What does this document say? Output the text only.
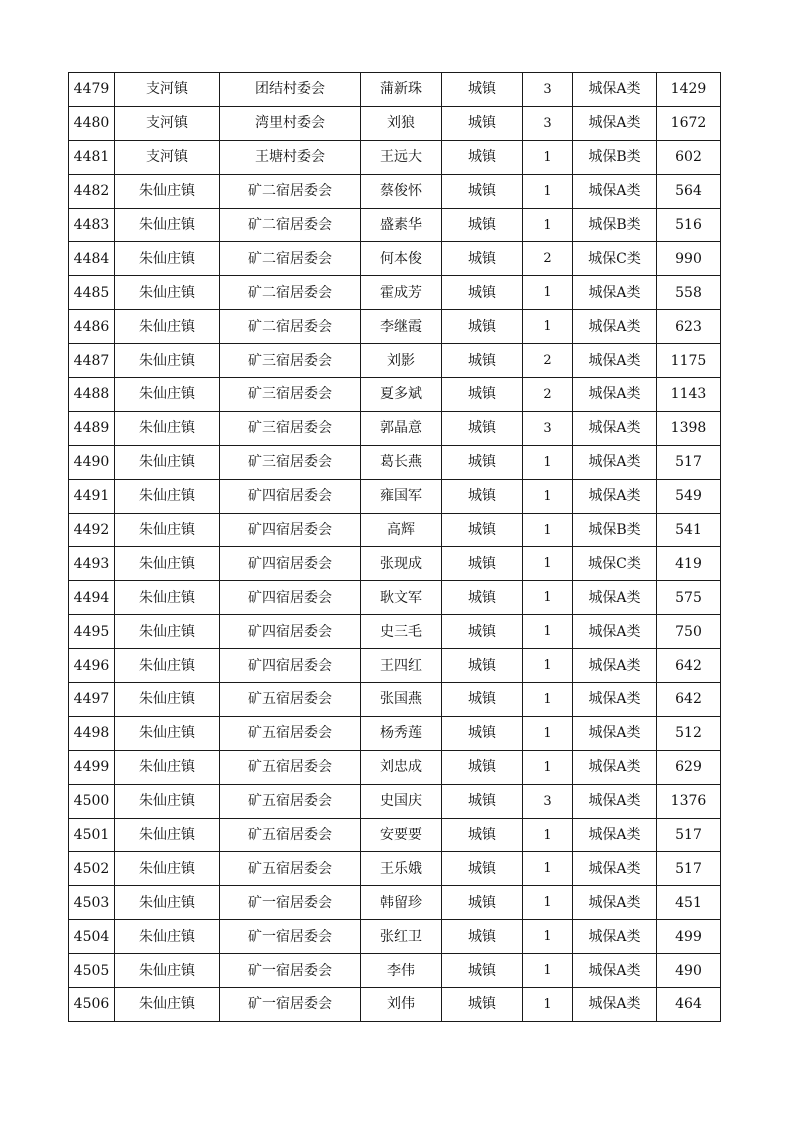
4479	支河镇	团结村委会	蒲新珠	城镇	3	城保A类	1429
4480	支河镇	湾里村委会	刘狼	城镇	3	城保A类	1672
4481	支河镇	王塘村委会	王远大	城镇	1	城保B类	602
4482	朱仙庄镇	矿二宿居委会	蔡俊怀	城镇	1	城保A类	564
4483	朱仙庄镇	矿二宿居委会	盛素华	城镇	1	城保B类	516
4484	朱仙庄镇	矿二宿居委会	何本俊	城镇	2	城保C类	990
4485	朱仙庄镇	矿二宿居委会	霍成芳	城镇	1	城保A类	558
4486	朱仙庄镇	矿二宿居委会	李继霞	城镇	1	城保A类	623
4487	朱仙庄镇	矿三宿居委会	刘影	城镇	2	城保A类	1175
4488	朱仙庄镇	矿三宿居委会	夏多斌	城镇	2	城保A类	1143
4489	朱仙庄镇	矿三宿居委会	郭晶意	城镇	3	城保A类	1398
4490	朱仙庄镇	矿三宿居委会	葛长燕	城镇	1	城保A类	517
4491	朱仙庄镇	矿四宿居委会	雍国军	城镇	1	城保A类	549
4492	朱仙庄镇	矿四宿居委会	高辉	城镇	1	城保B类	541
4493	朱仙庄镇	矿四宿居委会	张现成	城镇	1	城保C类	419
4494	朱仙庄镇	矿四宿居委会	耿文军	城镇	1	城保A类	575
4495	朱仙庄镇	矿四宿居委会	史三毛	城镇	1	城保A类	750
4496	朱仙庄镇	矿四宿居委会	王四红	城镇	1	城保A类	642
4497	朱仙庄镇	矿五宿居委会	张国燕	城镇	1	城保A类	642
4498	朱仙庄镇	矿五宿居委会	杨秀莲	城镇	1	城保A类	512
4499	朱仙庄镇	矿五宿居委会	刘忠成	城镇	1	城保A类	629
4500	朱仙庄镇	矿五宿居委会	史国庆	城镇	3	城保A类	1376
4501	朱仙庄镇	矿五宿居委会	安要要	城镇	1	城保A类	517
4502	朱仙庄镇	矿五宿居委会	王乐娥	城镇	1	城保A类	517
4503	朱仙庄镇	矿一宿居委会	韩留珍	城镇	1	城保A类	451
4504	朱仙庄镇	矿一宿居委会	张红卫	城镇	1	城保A类	499
4505	朱仙庄镇	矿一宿居委会	李伟	城镇	1	城保A类	490
4506	朱仙庄镇	矿一宿居委会	刘伟	城镇	1	城保A类	464
